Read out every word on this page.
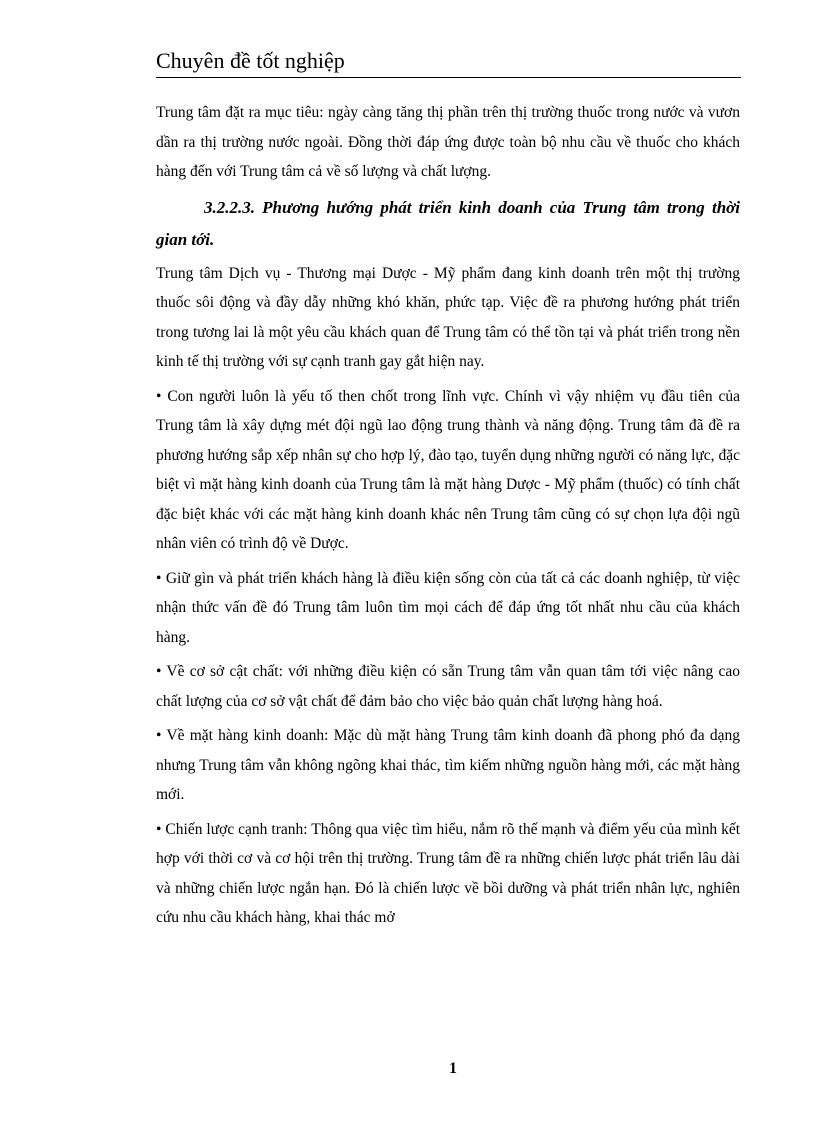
Chuyên đề tốt nghiệp

Trung tâm đặt ra mục tiêu: ngày càng tăng thị phần trên thị trường thuốc trong nước và vươn dần ra thị trường nước ngoài. Đồng thời đáp ứng được toàn bộ nhu cầu về thuốc cho khách hàng đến với Trung tâm cả về số lượng và chất lượng.

3.2.2.3. Phương hướng phát triển kinh doanh của Trung tâm trong thời gian tới.

Trung tâm Dịch vụ - Thương mại Dược - Mỹ phẩm đang kinh doanh trên một thị trường thuốc sôi động và đầy dẫy những khó khăn, phức tạp. Việc đề ra phương hướng phát triển trong tương lai là một yêu cầu khách quan để Trung tâm có thể tồn tại và phát triển trong nền kinh tế thị trường với sự cạnh tranh gay gắt hiện nay.

• Con người luôn là yếu tố then chốt trong lĩnh vực. Chính vì vậy nhiệm vụ đầu tiên của Trung tâm là xây dựng mét đội ngũ lao động trung thành và năng động. Trung tâm đã đề ra phương hướng sắp xếp nhân sự cho hợp lý, đào tạo, tuyển dụng những người có năng lực, đặc biệt vì mặt hàng kinh doanh của Trung tâm là mặt hàng Dược - Mỹ phẩm (thuốc) có tính chất đặc biệt khác với các mặt hàng kinh doanh khác nên Trung tâm cũng có sự chọn lựa đội ngũ nhân viên có trình độ về Dược.

• Giữ gìn và phát triển khách hàng là điều kiện sống còn của tất cả các doanh nghiệp, từ việc nhận thức vấn đề đó Trung tâm luôn tìm mọi cách để đáp ứng tốt nhất nhu cầu của khách hàng.

• Về cơ sở cật chất: với những điều kiện có sẵn Trung tâm vẫn quan tâm tới việc nâng cao chất lượng của cơ sở vật chất để đảm bảo cho việc bảo quản chất lượng hàng hoá.

• Về mặt hàng kinh doanh: Mặc dù mặt hàng Trung tâm kinh doanh đã phong phó đa dạng nhưng Trung tâm vẫn không ngõng khai thác, tìm kiếm những nguồn hàng mới, các mặt hàng mới.

• Chiến lược cạnh tranh: Thông qua việc tìm hiểu, nắm rõ thế mạnh và điểm yếu của mình kết hợp với thời cơ và cơ hội trên thị trường. Trung tâm đề ra những chiến lược phát triển lâu dài và những chiến lược ngắn hạn. Đó là chiến lược về bồi dưỡng và phát triển nhân lực, nghiên cứu nhu cầu khách hàng, khai thác mở

1
